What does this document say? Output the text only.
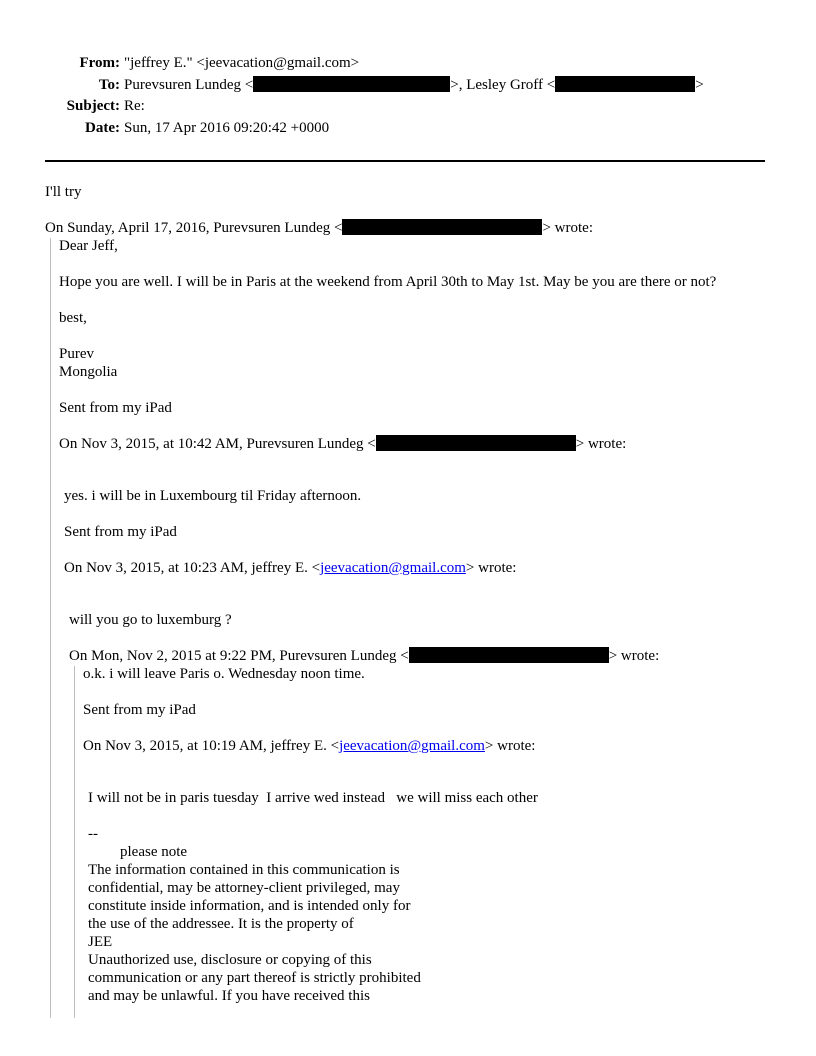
From: "jeffrey E." <jeevacation@gmail.com>
To: Purevsuren Lundeg <	>, Lesley Groff <	>
Subject: Re:
Date: Sun, 17 Apr 2016 09:20:42 +0000
I'll try
On Sunday, April 17, 2016, Purevsuren Lundeg <	> wrote:
Dear Jeff,
Hope you are well. I will be in Paris at the weekend from April 30th to May 1st. May be you are there or not?
best,
Purev
Mongolia
Sent from my iPad
On Nov 3, 2015, at 10:42 AM, Purevsuren Lundeg <	> wrote:
yes. i will be in Luxembourg til Friday afternoon.
Sent from my iPad
On Nov 3, 2015, at 10:23 AM, jeffrey E. <jeevacation@gmail.com> wrote:
will you go to luxemburg ?
On Mon, Nov 2, 2015 at 9:22 PM, Purevsuren Lundeg <	> wrote:
o.k. i will leave Paris o. Wednesday noon time.
Sent from my iPad
On Nov 3, 2015, at 10:19 AM, jeffrey E. <jeevacation@gmail.com> wrote:
I will not be in paris tuesday  I arrive wed instead   we will miss each other
--
please note
The information contained in this communication is
confidential, may be attorney-client privileged, may
constitute inside information, and is intended only for
the use of the addressee. It is the property of
JEE
Unauthorized use, disclosure or copying of this
communication or any part thereof is strictly prohibited
and may be unlawful. If you have received this
